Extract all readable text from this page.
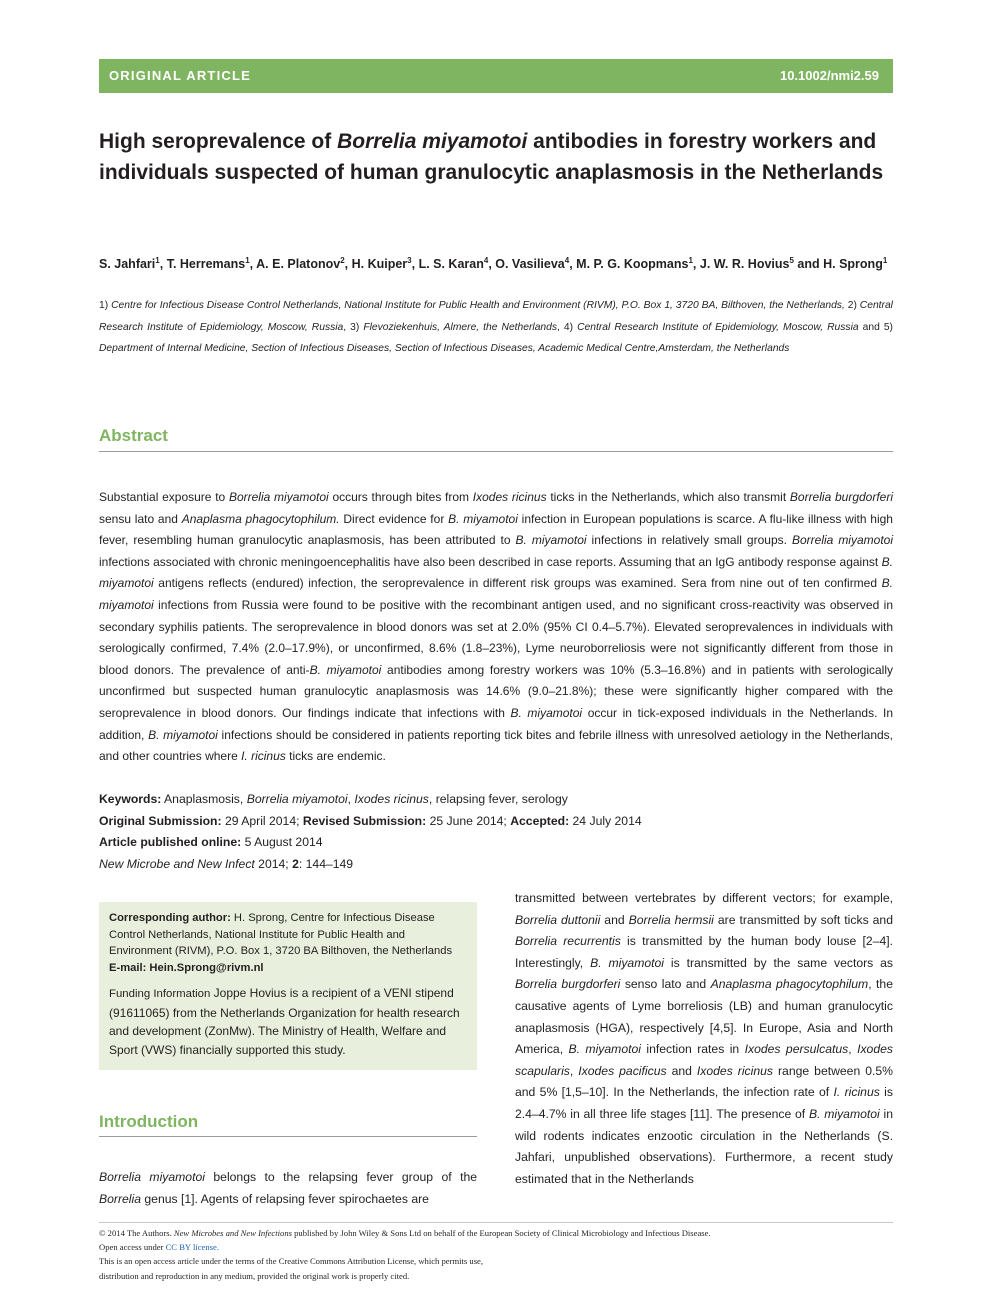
ORIGINAL ARTICLE	10.1002/nmi2.59
High seroprevalence of Borrelia miyamotoi antibodies in forestry workers and individuals suspected of human granulocytic anaplasmosis in the Netherlands
S. Jahfari$^1$, T. Herremans$^1$, A. E. Platonov$^2$, H. Kuiper$^3$, L. S. Karan$^4$, O. Vasilieva$^4$, M. P. G. Koopmans$^1$, J. W. R. Hovius$^5$ and H. Sprong$^1$
1) Centre for Infectious Disease Control Netherlands, National Institute for Public Health and Environment (RIVM), P.O. Box 1, 3720 BA, Bilthoven, the Netherlands, 2) Central Research Institute of Epidemiology, Moscow, Russia, 3) Flevoziekenhuis, Almere, the Netherlands, 4) Central Research Institute of Epidemiology, Moscow, Russia and 5) Department of Internal Medicine, Section of Infectious Diseases, Section of Infectious Diseases, Academic Medical Centre,Amsterdam, the Netherlands
Abstract

Substantial exposure to Borrelia miyamotoi occurs through bites from Ixodes ricinus ticks in the Netherlands, which also transmit Borrelia burgdorferi sensu lato and Anaplasma phagocytophilum. Direct evidence for B. miyamotoi infection in European populations is scarce. A flu-like illness with high fever, resembling human granulocytic anaplasmosis, has been attributed to B. miyamotoi infections in relatively small groups. Borrelia miyamotoi infections associated with chronic meningoencephalitis have also been described in case reports. Assuming that an IgG antibody response against B. miyamotoi antigens reflects (endured) infection, the seroprevalence in different risk groups was examined. Sera from nine out of ten confirmed B. miyamotoi infections from Russia were found to be positive with the recombinant antigen used, and no significant cross-reactivity was observed in secondary syphilis patients. The seroprevalence in blood donors was set at 2.0% (95% CI 0.4–5.7%). Elevated seroprevalences in individuals with serologically confirmed, 7.4% (2.0–17.9%), or unconfirmed, 8.6% (1.8–23%), Lyme neuroborreliosis were not significantly different from those in blood donors. The prevalence of anti-B. miyamotoi antibodies among forestry workers was 10% (5.3–16.8%) and in patients with serologically unconfirmed but suspected human granulocytic anaplasmosis was 14.6% (9.0–21.8%); these were significantly higher compared with the seroprevalence in blood donors. Our findings indicate that infections with B. miyamotoi occur in tick-exposed individuals in the Netherlands. In addition, B. miyamotoi infections should be considered in patients reporting tick bites and febrile illness with unresolved aetiology in the Netherlands, and other countries where I. ricinus ticks are endemic.

Keywords: Anaplasmosis, Borrelia miyamotoi, Ixodes ricinus, relapsing fever, serology
Original Submission: 29 April 2014; Revised Submission: 25 June 2014; Accepted: 24 July 2014
Article published online: 5 August 2014
New Microbe and New Infect 2014; 2: 144–149
Corresponding author: H. Sprong, Centre for Infectious Disease Control Netherlands, National Institute for Public Health and Environment (RIVM), P.O. Box 1, 3720 BA Bilthoven, the Netherlands
E-mail: Hein.Sprong@rivm.nl
Funding Information Joppe Hovius is a recipient of a VENI stipend (91611065) from the Netherlands Organization for health research and development (ZonMw). The Ministry of Health, Welfare and Sport (VWS) financially supported this study.
Introduction

Borrelia miyamotoi belongs to the relapsing fever group of the Borrelia genus [1]. Agents of relapsing fever spirochaetes are

transmitted between vertebrates by different vectors; for example, Borrelia duttonii and Borrelia hermsii are transmitted by soft ticks and Borrelia recurrentis is transmitted by the human body louse [2–4]. Interestingly, B. miyamotoi is transmitted by the same vectors as Borrelia burgdorferi senso lato and Anaplasma phagocytophilum, the causative agents of Lyme borreliosis (LB) and human granulocytic anaplasmosis (HGA), respectively [4,5]. In Europe, Asia and North America, B. miyamotoi infection rates in Ixodes persulcatus, Ixodes scapularis, Ixodes pacificus and Ixodes ricinus range between 0.5% and 5% [1,5–10]. In the Netherlands, the infection rate of I. ricinus is 2.4–4.7% in all three life stages [11]. The presence of B. miyamotoi in wild rodents indicates enzootic circulation in the Netherlands (S. Jahfari, unpublished observations). Furthermore, a recent study estimated that in the Netherlands

© 2014 The Authors. New Microbes and New Infections published by John Wiley & Sons Ltd on behalf of the European Society of Clinical Microbiology and Infectious Disease.
Open access under CC BY license.
This is an open access article under the terms of the Creative Commons Attribution License, which permits use,
distribution and reproduction in any medium, provided the original work is properly cited.
